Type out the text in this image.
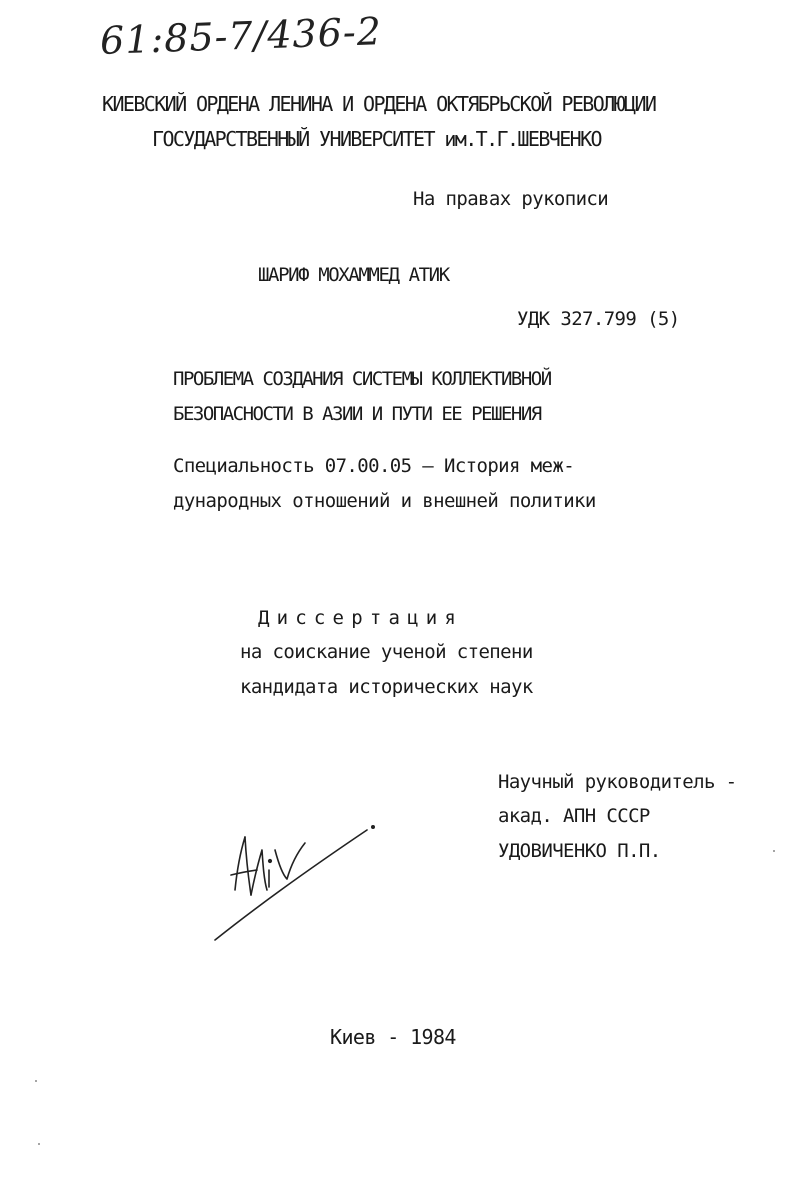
61:85-7/436-2
КИЕВСКИЙ ОРДЕНА ЛЕНИНА И ОРДЕНА ОКТЯБРЬСКОЙ РЕВОЛЮЦИИ
ГОСУДАРСТВЕННЫЙ УНИВЕРСИТЕТ им.Т.Г.ШЕВЧЕНКО
На правах рукописи
ШАРИФ МОХАММЕД АТИК
УДК 327.799 (5)
ПРОБЛЕМА СОЗДАНИЯ СИСТЕМЫ КОЛЛЕКТИВНОЙ
БЕЗОПАСНОСТИ В АЗИИ И ПУТИ ЕЕ РЕШЕНИЯ
Специальность 07.00.05 – История меж-
дународных отношений и внешней политики
Диссертация
на соискание ученой степени
кандидата исторических наук
Научный руководитель -
акад. АПН СССР
УДОВИЧЕНКО П.П.
Киев - 1984
